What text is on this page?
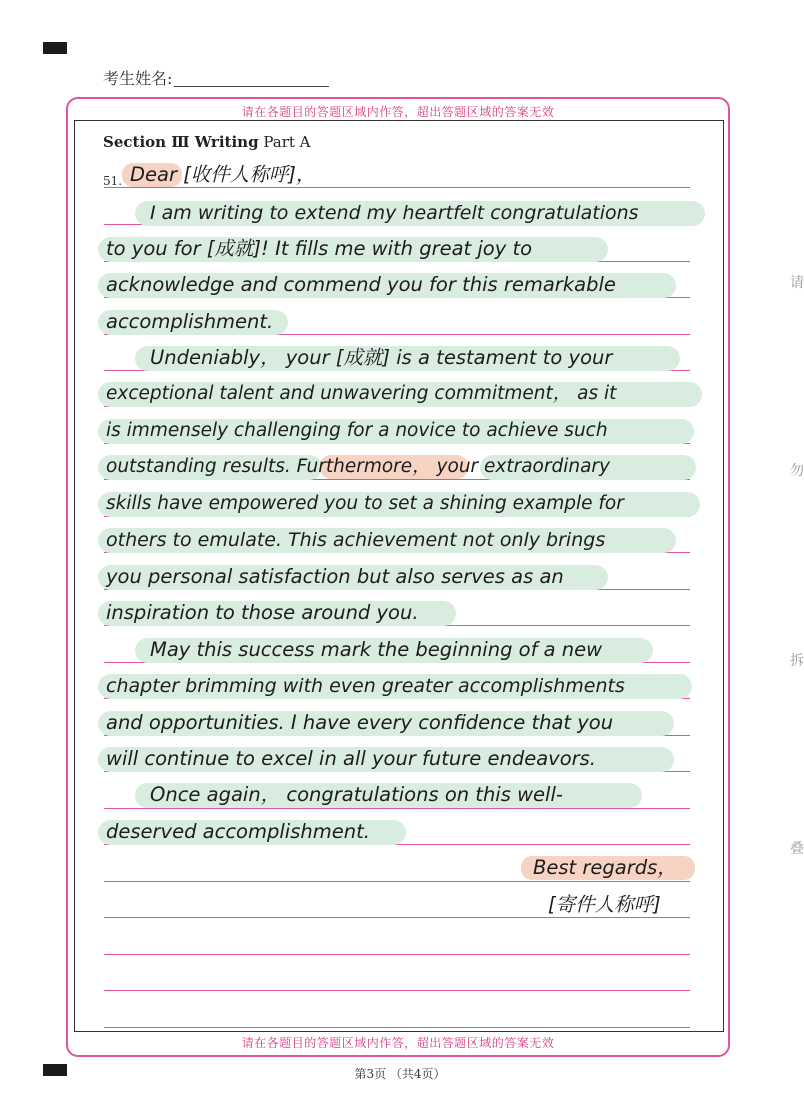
考生姓名:
请在各题目的答题区域内作答，超出答题区域的答案无效
请在各题目的答题区域内作答，超出答题区域的答案无效
Section Ⅲ Writing Part A
51. Dear [收件人称呼]，
I am writing to extend my heartfelt congratulations
to you for [成就]! It fills me with great joy to
acknowledge and commend you for this remarkable
accomplishment.
Undeniably， your [成就] is a testament to your
exceptional talent and unwavering commitment， as it
is immensely challenging for a novice to achieve such
outstanding results. Furthermore， your extraordinary
skills have empowered you to set a shining example for
others to emulate. This achievement not only brings
you personal satisfaction but also serves as an
inspiration to those around you.
May this success mark the beginning of a new
chapter brimming with even greater accomplishments
and opportunities. I have every confidence that you
will continue to excel in all your future endeavors.
Once again， congratulations on this well-
deserved accomplishment.
Best regards，
[寄件人称呼]
请
勿
拆
叠
第3页 （共4页）
